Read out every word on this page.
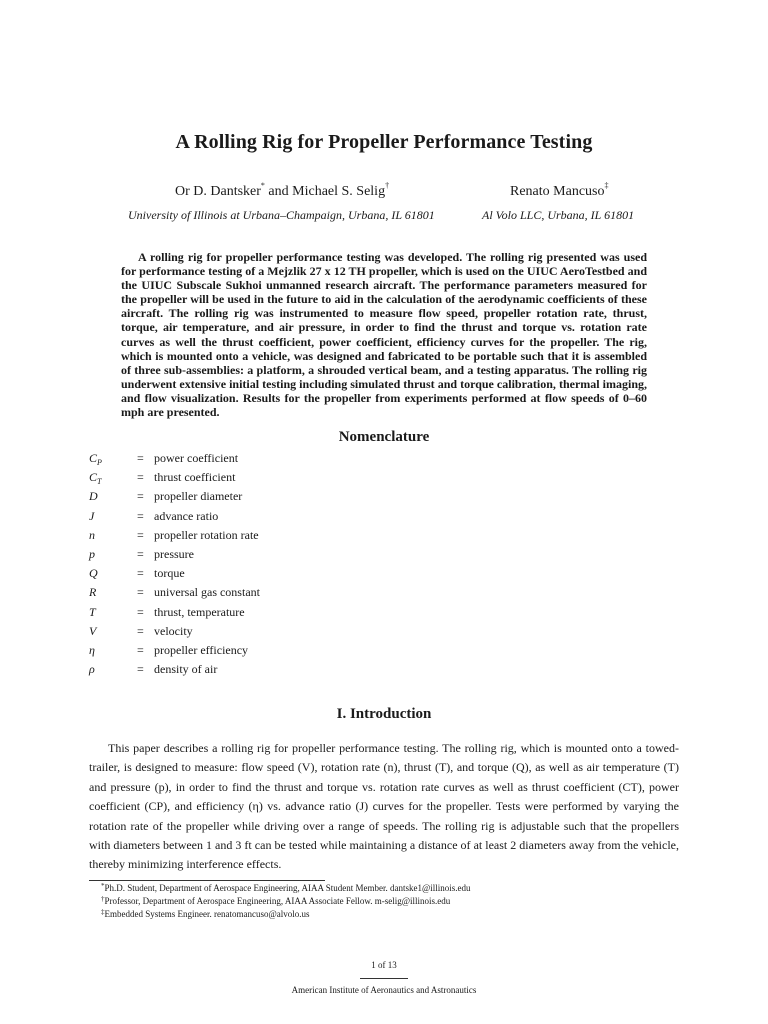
A Rolling Rig for Propeller Performance Testing
Or D. Dantsker* and Michael S. Selig†
University of Illinois at Urbana–Champaign, Urbana, IL 61801
Renato Mancuso‡
Al Volo LLC, Urbana, IL 61801
A rolling rig for propeller performance testing was developed. The rolling rig presented was used for performance testing of a Mejzlik 27 x 12 TH propeller, which is used on the UIUC AeroTestbed and the UIUC Subscale Sukhoi unmanned research aircraft. The performance parameters measured for the propeller will be used in the future to aid in the calculation of the aerodynamic coefficients of these aircraft. The rolling rig was instrumented to measure flow speed, propeller rotation rate, thrust, torque, air temperature, and air pressure, in order to find the thrust and torque vs. rotation rate curves as well the thrust coefficient, power coefficient, efficiency curves for the propeller. The rig, which is mounted onto a vehicle, was designed and fabricated to be portable such that it is assembled of three sub-assemblies: a platform, a shrouded vertical beam, and a testing apparatus. The rolling rig underwent extensive initial testing including simulated thrust and torque calibration, thermal imaging, and flow visualization. Results for the propeller from experiments performed at flow speeds of 0–60 mph are presented.
Nomenclature
$C_P$	= power coefficient
$C_T$	= thrust coefficient
D	= propeller diameter
J	= advance ratio
n	= propeller rotation rate
p	= pressure
Q	= torque
R	= universal gas constant
T	= thrust, temperature
V	= velocity
η	= propeller efficiency
ρ	= density of air
I. Introduction
This paper describes a rolling rig for propeller performance testing. The rolling rig, which is mounted onto a towed-trailer, is designed to measure: flow speed (V), rotation rate (n), thrust (T), and torque (Q), as well as air temperature (T) and pressure (p), in order to find the thrust and torque vs. rotation rate curves as well as thrust coefficient (CT), power coefficient (CP), and efficiency (η) vs. advance ratio (J) curves for the propeller. Tests were performed by varying the rotation rate of the propeller while driving over a range of speeds. The rolling rig is adjustable such that the propellers with diameters between 1 and 3 ft can be tested while maintaining a distance of at least 2 diameters away from the vehicle, thereby minimizing interference effects.
*Ph.D. Student, Department of Aerospace Engineering, AIAA Student Member. dantske1@illinois.edu
†Professor, Department of Aerospace Engineering, AIAA Associate Fellow. m-selig@illinois.edu
‡Embedded Systems Engineer. renatomancuso@alvolo.us
1 of 13
American Institute of Aeronautics and Astronautics
